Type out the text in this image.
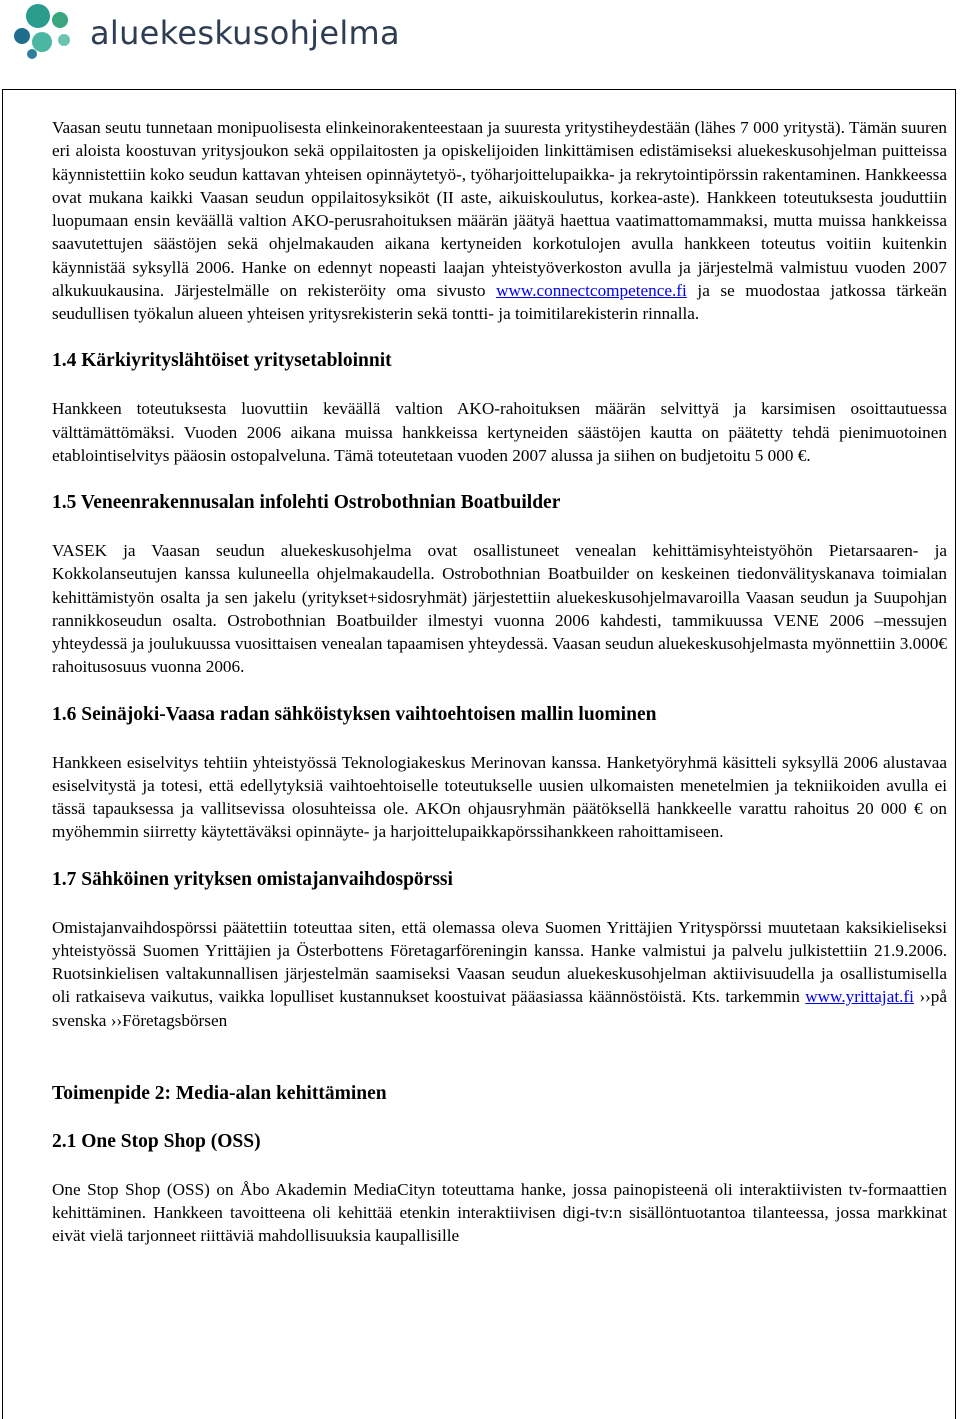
aluekeskusohjelma

Vaasan seutu tunnetaan monipuolisesta elinkeinorakenteestaan ja suuresta yritystiheydestään (lähes 7 000 yritystä). Tämän suuren eri aloista koostuvan yritysjoukon sekä oppilaitosten ja opiskelijoiden linkittämisen edistämiseksi aluekeskusohjelman puitteissa käynnistettiin koko seudun kattavan yhteisen opinnäytetyö-, työharjoittelupaikka- ja rekrytointipörssin rakentaminen. Hankkeessa ovat mukana kaikki Vaasan seudun oppilaitosyksiköt (II aste, aikuiskoulutus, korkea-aste). Hankkeen toteutuksesta jouduttiin luopumaan ensin keväällä valtion AKO-perusrahoituksen määrän jäätyä haettua vaatimattomammaksi, mutta muissa hankkeissa saavutettujen säästöjen sekä ohjelmakauden aikana kertyneiden korkotulojen avulla hankkeen toteutus voitiin kuitenkin käynnistää syksyllä 2006. Hanke on edennyt nopeasti laajan yhteistyöverkoston avulla ja järjestelmä valmistuu vuoden 2007 alkukuukausina. Järjestelmälle on rekisteröity oma sivusto www.connectcompetence.fi ja se muodostaa jatkossa tärkeän seudullisen työkalun alueen yhteisen yritysrekisterin sekä tontti- ja toimitilarekisterin rinnalla.

1.4 Kärkiyrityslähtöiset yritysetabloinnit

Hankkeen toteutuksesta luovuttiin keväällä valtion AKO-rahoituksen määrän selvittyä ja karsimisen osoittautuessa välttämättömäksi. Vuoden 2006 aikana muissa hankkeissa kertyneiden säästöjen kautta on päätetty tehdä pienimuotoinen etablointiselvitys pääosin ostopalveluna. Tämä toteutetaan vuoden 2007 alussa ja siihen on budjetoitu 5 000 €.

1.5 Veneenrakennusalan infolehti Ostrobothnian Boatbuilder

VASEK ja Vaasan seudun aluekeskusohjelma ovat osallistuneet venealan kehittämisyhteistyöhön Pietarsaaren- ja Kokkolanseutujen kanssa kuluneella ohjelmakaudella. Ostrobothnian Boatbuilder on keskeinen tiedonvälityskanava toimialan kehittämistyön osalta ja sen jakelu (yritykset+sidosryhmät) järjestettiin aluekeskusohjelmavaroilla Vaasan seudun ja Suupohjan rannikkoseudun osalta. Ostrobothnian Boatbuilder ilmestyi vuonna 2006 kahdesti, tammikuussa VENE 2006 –messujen yhteydessä ja joulukuussa vuosittaisen venealan tapaamisen yhteydessä. Vaasan seudun aluekeskusohjelmasta myönnettiin 3.000€ rahoitusosuus vuonna 2006.

1.6 Seinäjoki-Vaasa radan sähköistyksen vaihtoehtoisen mallin luominen

Hankkeen esiselvitys tehtiin yhteistyössä Teknologiakeskus Merinovan kanssa. Hanketyöryhmä käsitteli syksyllä 2006 alustavaa esiselvitystä ja totesi, että edellytyksiä vaihtoehtoiselle toteutukselle uusien ulkomaisten menetelmien ja tekniikoiden avulla ei tässä tapauksessa ja vallitsevissa olosuhteissa ole. AKOn ohjausryhmän päätöksellä hankkeelle varattu rahoitus 20 000 € on myöhemmin siirretty käytettäväksi opinnäyte- ja harjoittelupaikkapörssihankkeen rahoittamiseen.

1.7 Sähköinen yrityksen omistajanvaihdospörssi

Omistajanvaihdospörssi päätettiin toteuttaa siten, että olemassa oleva Suomen Yrittäjien Yrityspörssi muutetaan kaksikieliseksi yhteistyössä Suomen Yrittäjien ja Österbottens Företagarföreningin kanssa. Hanke valmistui ja palvelu julkistettiin 21.9.2006. Ruotsinkielisen valtakunnallisen järjestelmän saamiseksi Vaasan seudun aluekeskusohjelman aktiivisuudella ja osallistumisella oli ratkaiseva vaikutus, vaikka lopulliset kustannukset koostuivat pääasiassa käännöstöistä. Kts. tarkemmin www.yrittajat.fi ››på svenska ››Företagsbörsen

Toimenpide 2: Media-alan kehittäminen
2.1 One Stop Shop (OSS)

One Stop Shop (OSS) on Åbo Akademin MediaCityn toteuttama hanke, jossa painopisteenä oli interaktiivisten tv-formaattien kehittäminen. Hankkeen tavoitteena oli kehittää etenkin interaktiivisen digi-tv:n sisällöntuotantoa tilanteessa, jossa markkinat eivät vielä tarjonneet riittäviä mahdollisuuksia kaupallisille
